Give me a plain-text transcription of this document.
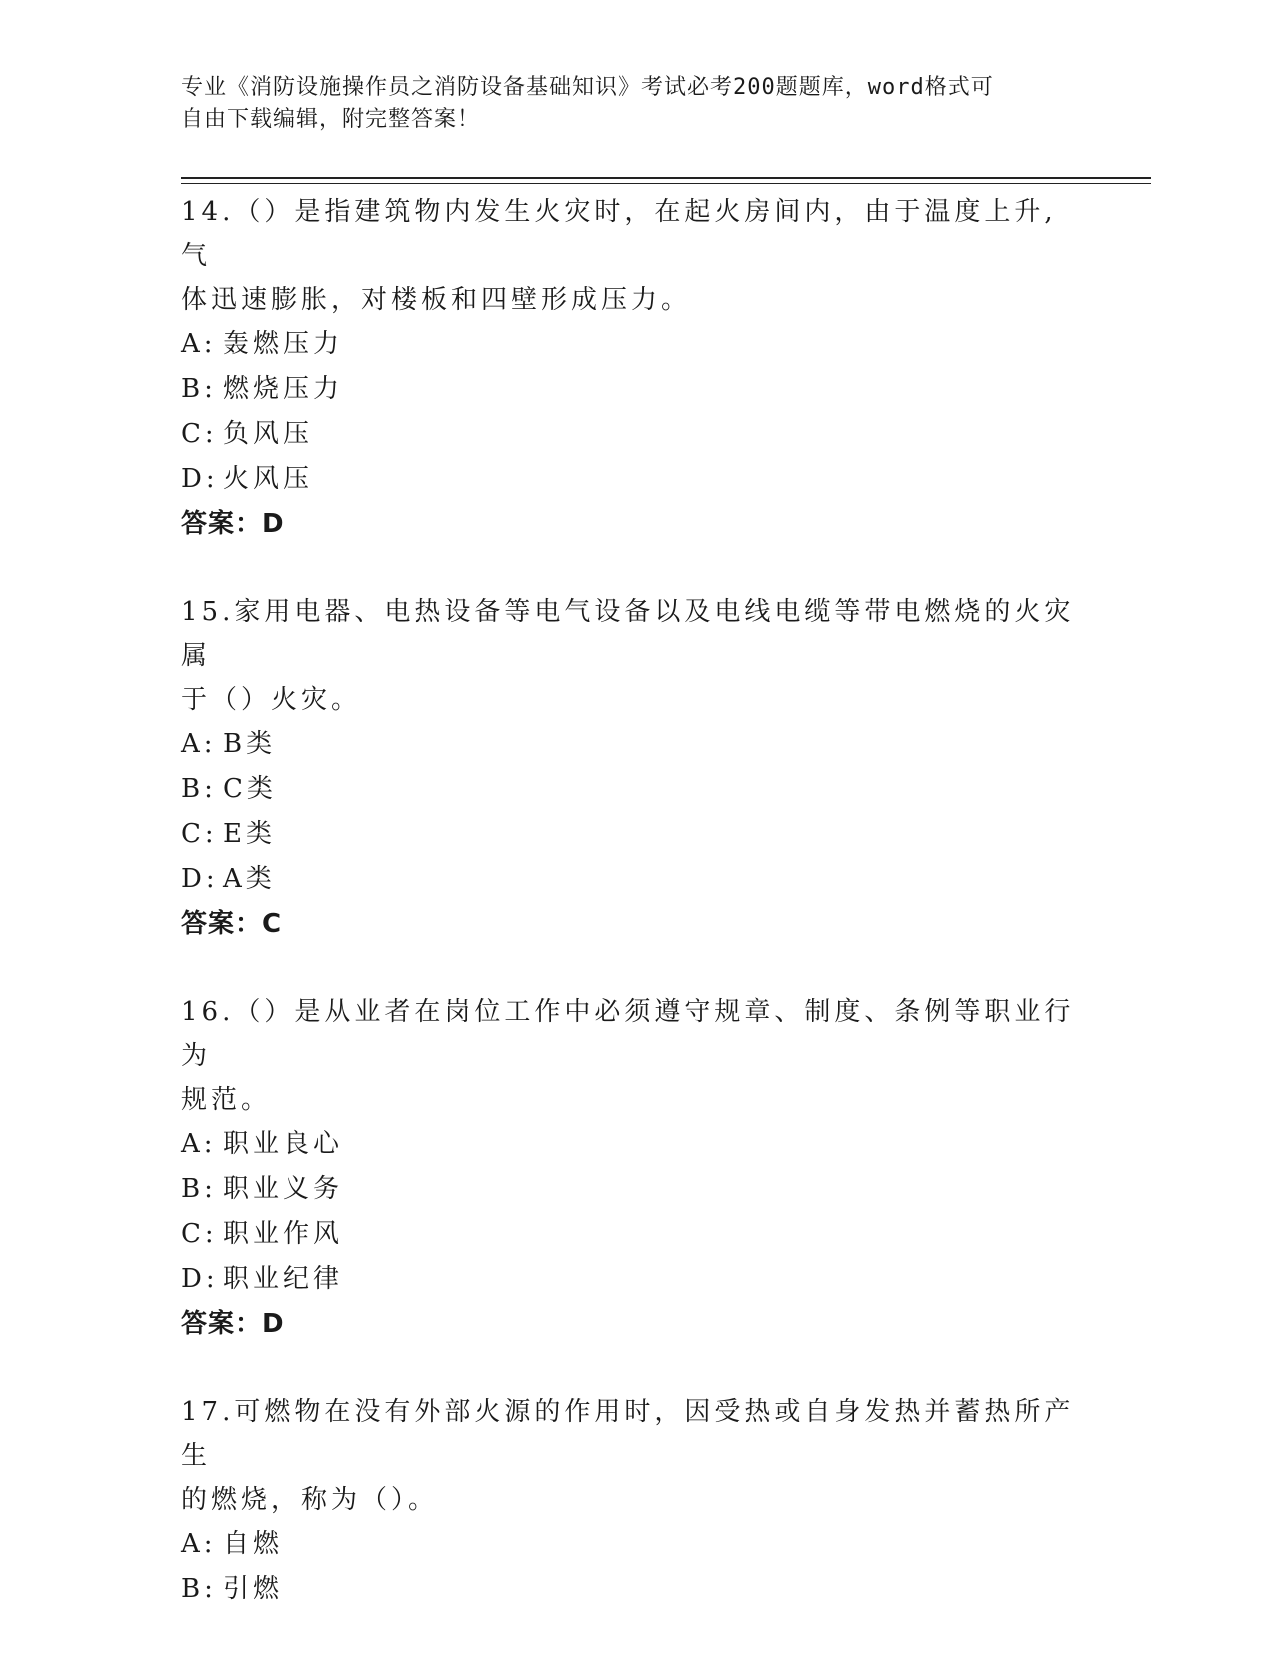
专业《消防设施操作员之消防设备基础知识》考试必考200题题库，word格式可
自由下载编辑，附完整答案！

14.（）是指建筑物内发生火灾时，在起火房间内，由于温度上升,气
体迅速膨胀，对楼板和四壁形成压力。

A: 轰燃压力
B: 燃烧压力
C: 负风压
D: 火风压
答案：D

15.家用电器、电热设备等电气设备以及电线电缆等带电燃烧的火灾属
于（）火灾。

A: B类
B: C类
C: E类
D: A类
答案：C

16.（）是从业者在岗位工作中必须遵守规章、制度、条例等职业行为
规范。

A: 职业良心
B: 职业义务
C: 职业作风
D: 职业纪律
答案：D

17.可燃物在没有外部火源的作用时，因受热或自身发热并蓄热所产生
的燃烧，称为（）。

A: 自燃
B: 引燃
